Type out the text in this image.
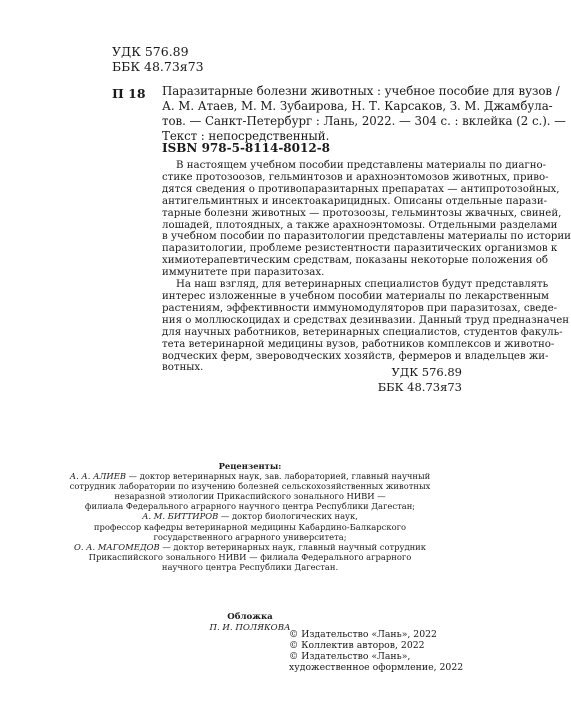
УДК 576.89
ББК 48.73я73
П 18 Паразитарные болезни животных : учебное пособие для вузов /
А. М. Атаев, М. М. Зубаирова, Н. Т. Карсаков, З. М. Джамбула-
тов. — Санкт-Петербург : Лань, 2022. — 304 с. : вклейка (2 с.). —
Текст : непосредственный.
ISBN 978-5-8114-8012-8
В настоящем учебном пособии представлены материалы по диагно-
стике протозоозов, гельминтозов и арахноэнтомозов животных, приво-
дятся сведения о противопаразитарных препаратах — антипротозойных,
антигельминтных и инсектоакарицидных. Описаны отдельные парази-
тарные болезни животных — протозоозы, гельминтозы жвачных, свиней,
лошадей, плотоядных, а также арахноэнтомозы. Отдельными разделами
в учебном пособии по паразитологии представлены материалы по истории
паразитологии, проблеме резистентности паразитических организмов к
химиотерапевтическим средствам, показаны некоторые положения об
иммунитете при паразитозах.
На наш взгляд, для ветеринарных специалистов будут представлять
интерес изложенные в учебном пособии материалы по лекарственным
растениям, эффективности иммуномодуляторов при паразитозах, сведе-
ния о моллюскоцидах и средствах дезинвазии. Данный труд предназначен
для научных работников, ветеринарных специалистов, студентов факуль-
тета ветеринарной медицины вузов, работников комплексов и животно-
водческих ферм, звероводческих хозяйств, фермеров и владельцев жи-
вотных.	УДК 576.89
ББК 48.73я73
Рецензенты:
А. А. АЛИЕВ — доктор ветеринарных наук, зав. лабораторией, главный научный
сотрудник лаборатории по изучению болезней сельскохозяйственных животных
незаразной этиологии Прикаспийского зонального НИВИ —
филиала Федерального аграрного научного центра Республики Дагестан;
А. М. БИТТИРОВ — доктор биологических наук,
профессор кафедры ветеринарной медицины Кабардино-Балкарского
государственного аграрного университета;
О. А. МАГОМЕДОВ — доктор ветеринарных наук, главный научный сотрудник
Прикаспийского зонального НИВИ — филиала Федерального аграрного
научного центра Республики Дагестан.
Обложка
П. И. ПОЛЯКОВА
© Издательство «Лань», 2022
© Коллектив авторов, 2022
© Издательство «Лань»,
художественное оформление, 2022
